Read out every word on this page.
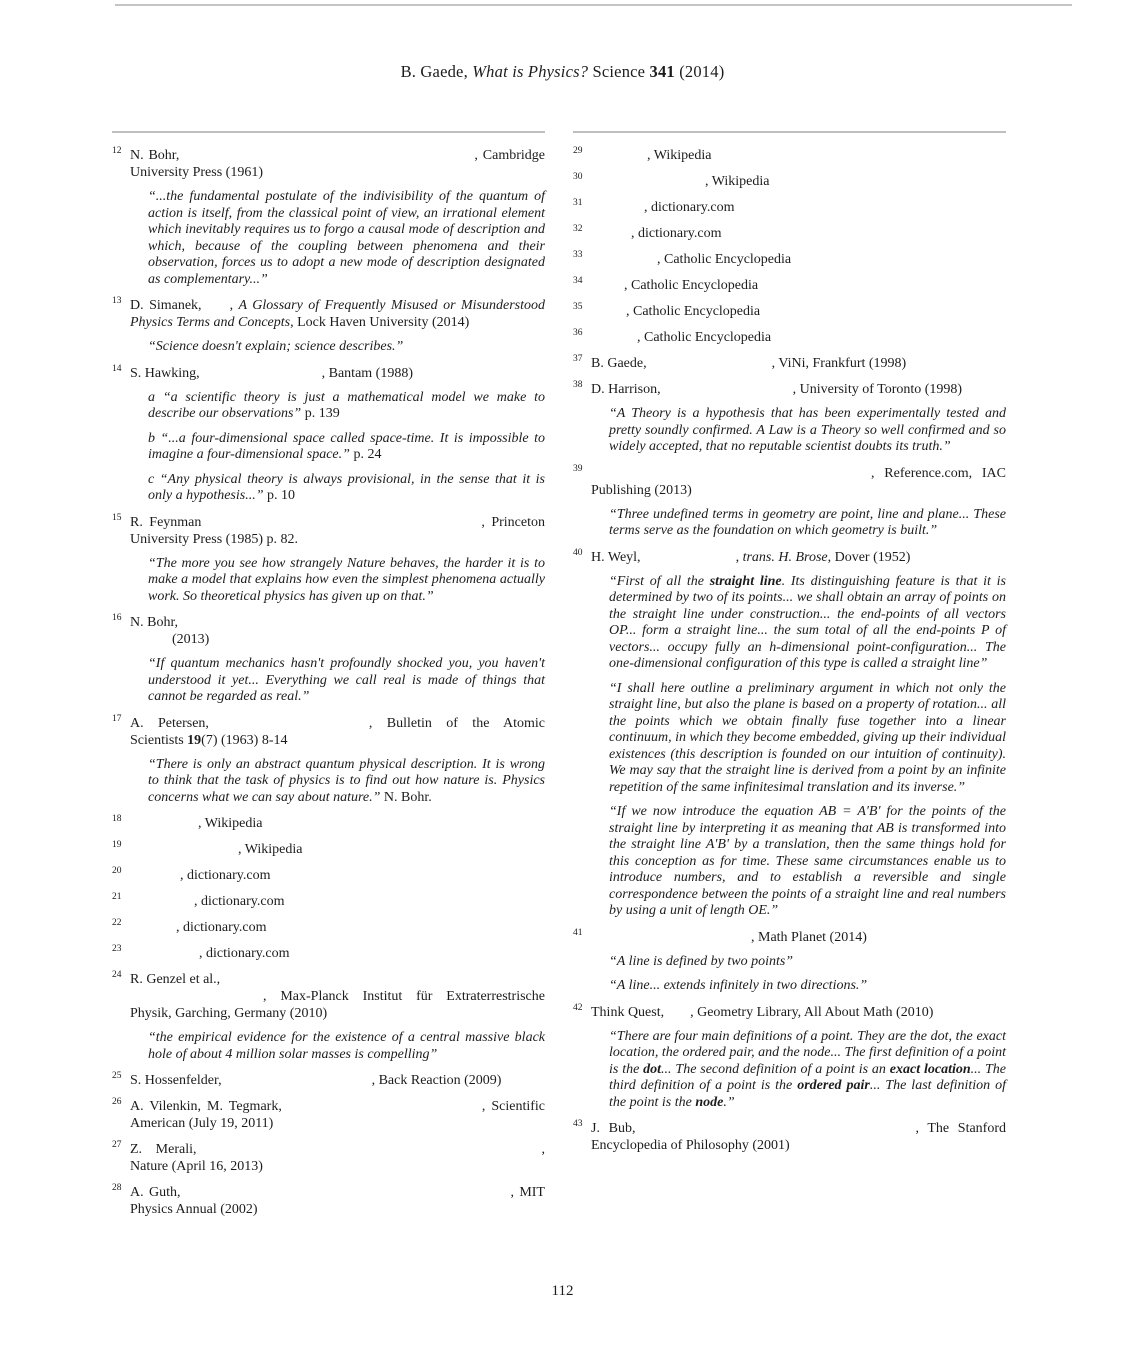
B. Gaede, What is Physics? Science 341 (2014)
12 N. Bohr,	, Cambridge University Press (1961)
“...the fundamental postulate of the indivisibility of the quantum of action is itself, from the classical point of view, an irrational element which inevitably requires us to forgo a causal mode of description and which, because of the coupling between phenomena and their observation, forces us to adopt a new mode of description designated as complementary...”
13 D. Simanek, , A Glossary of Frequently Misused or Misunderstood Physics Terms and Concepts, Lock Haven University (2014)
“Science doesn't explain; science describes.”
14 S. Hawking,	, Bantam (1988)
a “a scientific theory is just a mathematical model we make to describe our observations” p. 139
b “...a four-dimensional space called space-time. It is impossible to imagine a four-dimensional space.” p. 24
c “Any physical theory is always provisional, in the sense that it is only a hypothesis...” p. 10
15 R. Feynman	, Princeton University Press (1985) p. 82.
“The more you see how strangely Nature behaves, the harder it is to make a model that explains how even the simplest phenomena actually work. So theoretical physics has given up on that.”
16 N. Bohr,
(2013)
“If quantum mechanics hasn't profoundly shocked you, you haven't understood it yet... Everything we call real is made of things that cannot be regarded as real.”
17 A. Petersen,	, Bulletin of the Atomic Scientists 19(7) (1963) 8-14
“There is only an abstract quantum physical description. It is wrong to think that the task of physics is to find out how nature is. Physics concerns what we can say about nature.” N. Bohr.
18	, Wikipedia
19	, Wikipedia
20	, dictionary.com
21	, dictionary.com
22	, dictionary.com
23	, dictionary.com
24 R. Genzel et al.,
, Max-Planck Institut für Extraterrestrische Physik, Garching, Germany (2010)
“the empirical evidence for the existence of a central massive black hole of about 4 million solar masses is compelling”
25 S. Hossenfelder,	, Back Reaction (2009)
26 A. Vilenkin, M. Tegmark,	, Scientific American (July 19, 2011)
27 Z. Merali,	, Nature (April 16, 2013)
28 A. Guth,	, MIT Physics Annual (2002)
29	, Wikipedia
30	, Wikipedia
31	, dictionary.com
32	, dictionary.com
33	, Catholic Encyclopedia
34	, Catholic Encyclopedia
35	, Catholic Encyclopedia
36	, Catholic Encyclopedia
37 B. Gaede,	, ViNi, Frankfurt (1998)
38 D. Harrison,	, University of Toronto (1998)
“A Theory is a hypothesis that has been experimentally tested and pretty soundly confirmed. A Law is a Theory so well confirmed and so widely accepted, that no reputable scientist doubts its truth.”
39	, Reference.com, IAC Publishing (2013)
“Three undefined terms in geometry are point, line and plane... These terms serve as the foundation on which geometry is built.”
40 H. Weyl,	, trans. H. Brose, Dover (1952)
“First of all the straight line. Its distinguishing feature is that it is determined by two of its points... we shall obtain an array of points on the straight line under construction... the end-points of all vectors OP... form a straight line... the sum total of all the end-points P of vectors... occupy fully an h-dimensional point-configuration... The one-dimensional configuration of this type is called a straight line”
“I shall here outline a preliminary argument in which not only the straight line, but also the plane is based on a property of rotation... all the points which we obtain finally fuse together into a linear continuum, in which they become embedded, giving up their individual existences (this description is founded on our intuition of continuity). We may say that the straight line is derived from a point by an infinite repetition of the same infinitesimal translation and its inverse.”
“If we now introduce the equation AB = A'B' for the points of the straight line by interpreting it as meaning that AB is transformed into the straight line A'B' by a translation, then the same things hold for this conception as for time. These same circumstances enable us to introduce numbers, and to establish a reversible and single correspondence between the points of a straight line and real numbers by using a unit of length OE.”
41	, Math Planet (2014)
“A line is defined by two points”
“A line... extends infinitely in two directions.”
42 Think Quest, , Geometry Library, All About Math (2010)
“There are four main definitions of a point. They are the dot, the exact location, the ordered pair, and the node... The first definition of a point is the dot... The second definition of a point is an exact location... The third definition of a point is the ordered pair... The last definition of the point is the node.”
43 J. Bub,	, The Stanford Encyclopedia of Philosophy (2001)
112
